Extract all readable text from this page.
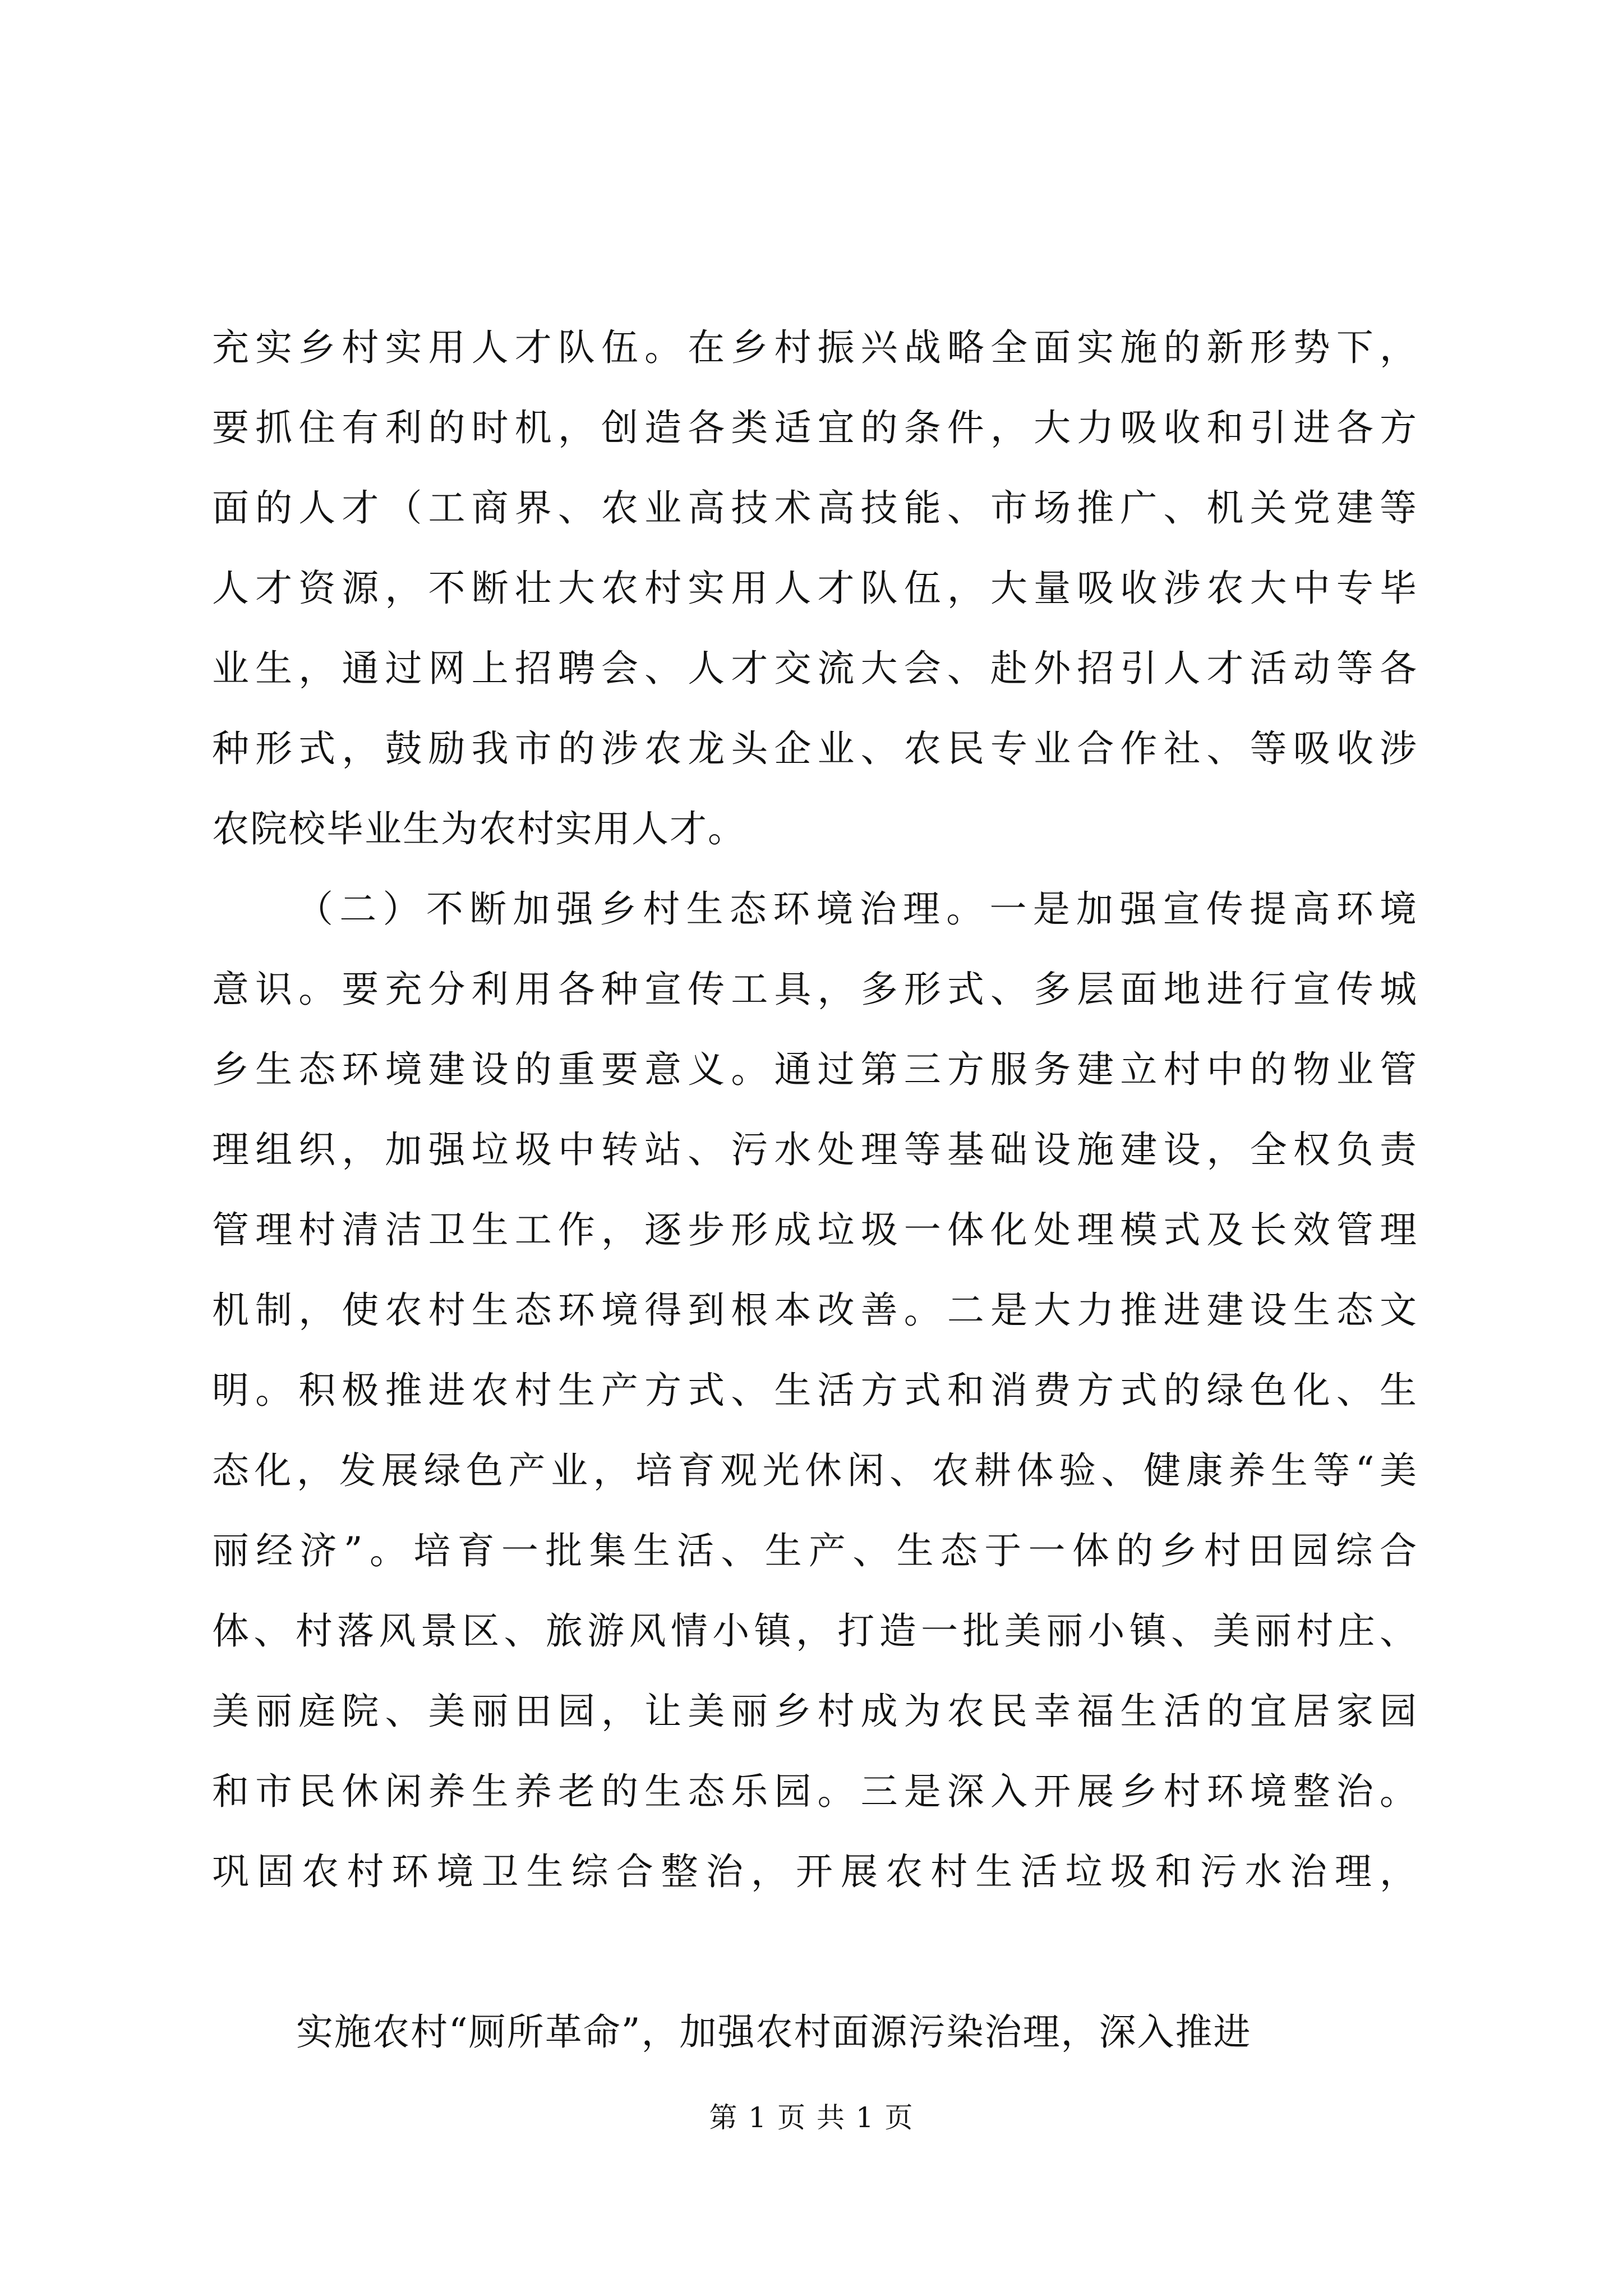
充实乡村实用人才队伍。在乡村振兴战略全面实施的新形势下，
要抓住有利的时机，创造各类适宜的条件，大力吸收和引进各方
面的人才（工商界、农业高技术高技能、市场推广、机关党建等
人才资源，不断壮大农村实用人才队伍，大量吸收涉农大中专毕
业生，通过网上招聘会、人才交流大会、赴外招引人才活动等各
种形式，鼓励我市的涉农龙头企业、农民专业合作社、等吸收涉
农院校毕业生为农村实用人才。
（二）不断加强乡村生态环境治理。一是加强宣传提高环境
意识。要充分利用各种宣传工具，多形式、多层面地进行宣传城
乡生态环境建设的重要意义。通过第三方服务建立村中的物业管
理组织，加强垃圾中转站、污水处理等基础设施建设，全权负责
管理村清洁卫生工作，逐步形成垃圾一体化处理模式及长效管理
机制，使农村生态环境得到根本改善。二是大力推进建设生态文
明。积极推进农村生产方式、生活方式和消费方式的绿色化、生
态化，发展绿色产业，培育观光休闲、农耕体验、健康养生等“美
丽经济”。培育一批集生活、生产、生态于一体的乡村田园综合
体、村落风景区、旅游风情小镇，打造一批美丽小镇、美丽村庄、
美丽庭院、美丽田园，让美丽乡村成为农民幸福生活的宜居家园
和市民休闲养生养老的生态乐园。三是深入开展乡村环境整治。
巩固农村环境卫生综合整治，开展农村生活垃圾和污水治理，
实施农村“厕所革命”，加强农村面源污染治理，深入推进
第 1 页 共 1 页
